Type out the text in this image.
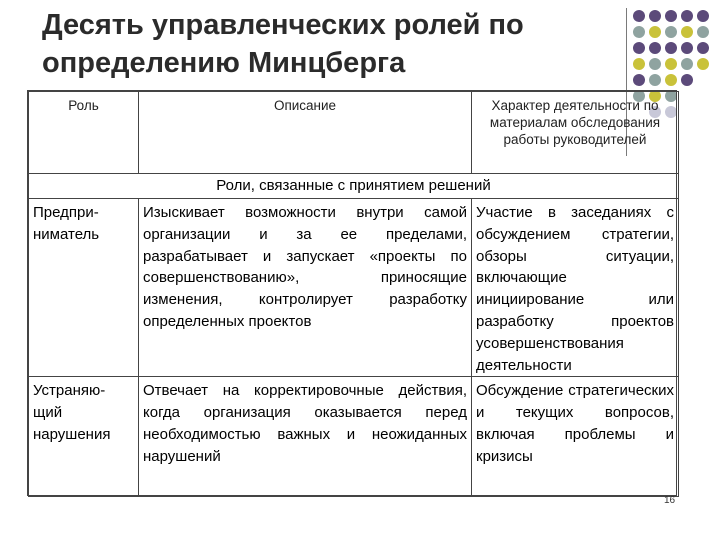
Десять управленческих ролей по определению Минцберга
Роль	Описание	Характер деятельности по материалам обследования работы руководителей

Роли, связанные с принятием решений		

Предпри-ниматель	Изыскивает возможности внутри самой организации и за ее пределами, разрабатывает и запускает «проекты по совершенствованию», приносящие изменения, контролирует разработку определенных проектов	Участие в заседаниях с обсуждением стратегии, обзоры ситуации, включающие инициирование или разработку проектов усовершенствования деятельности

Устраняю-щий нарушения	Отвечает на корректировочные действия, когда организация оказывается перед необходимостью важных и неожиданных нарушений	Обсуждение стратегических и текущих вопросов, включая проблемы и кризисы
16
